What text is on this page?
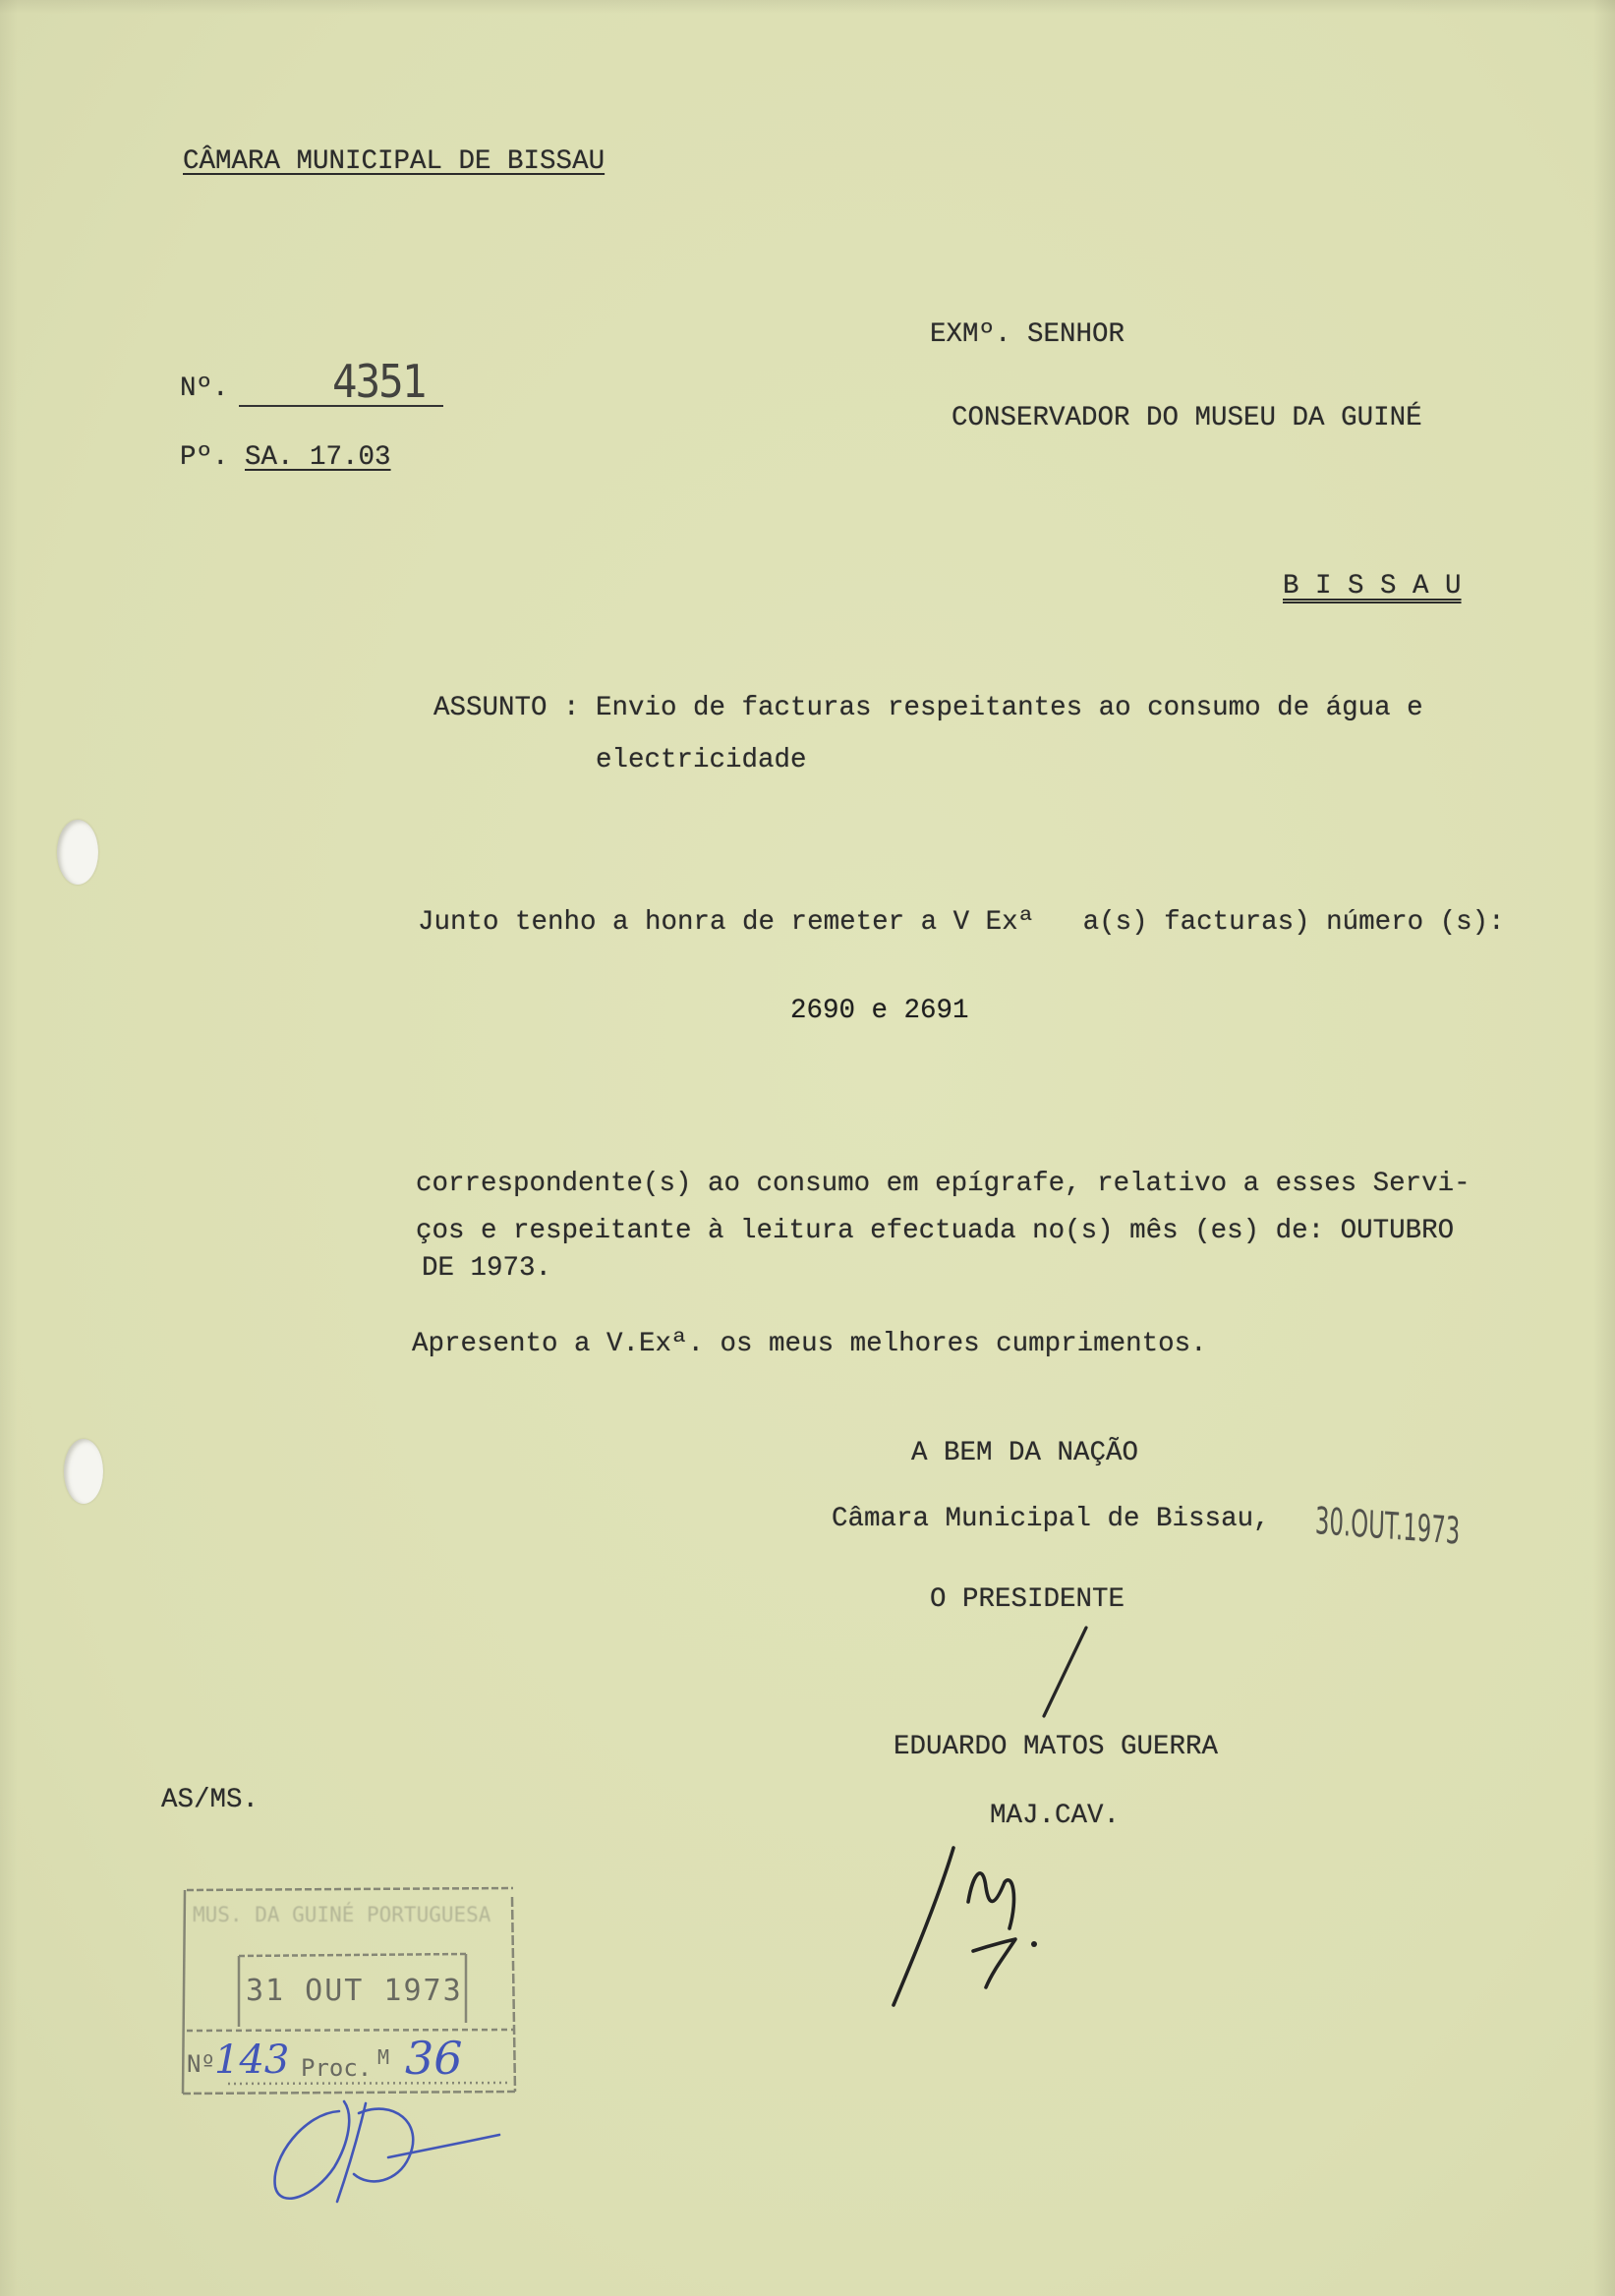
CÂMARA MUNICIPAL DE BISSAU
EXMº. SENHOR
CONSERVADOR DO MUSEU DA GUINÉ
B I S S A U
Nº. 4351
Pº. SA. 17.03
ASSUNTO : Envio de facturas respeitantes ao consumo de água e
electricidade
Junto tenho a honra de remeter a V Exª   a(s) facturas) número (s):
2690 e 2691
correspondente(s) ao consumo em epígrafe, relativo a esses Servi-
ços e respeitante à leitura efectuada no(s) mês (es) de: OUTUBRO
DE 1973.
Apresento a V.Exª. os meus melhores cumprimentos.
A BEM DA NAÇÃO
Câmara Municipal de Bissau, 30.OUT.1973
O PRESIDENTE
EDUARDO MATOS GUERRA
MAJ.CAV.
AS/MS.
MUS. DA GUINÉ PORTUGUESA
31 OUT 1973
Nº 143 Proc. M 36
